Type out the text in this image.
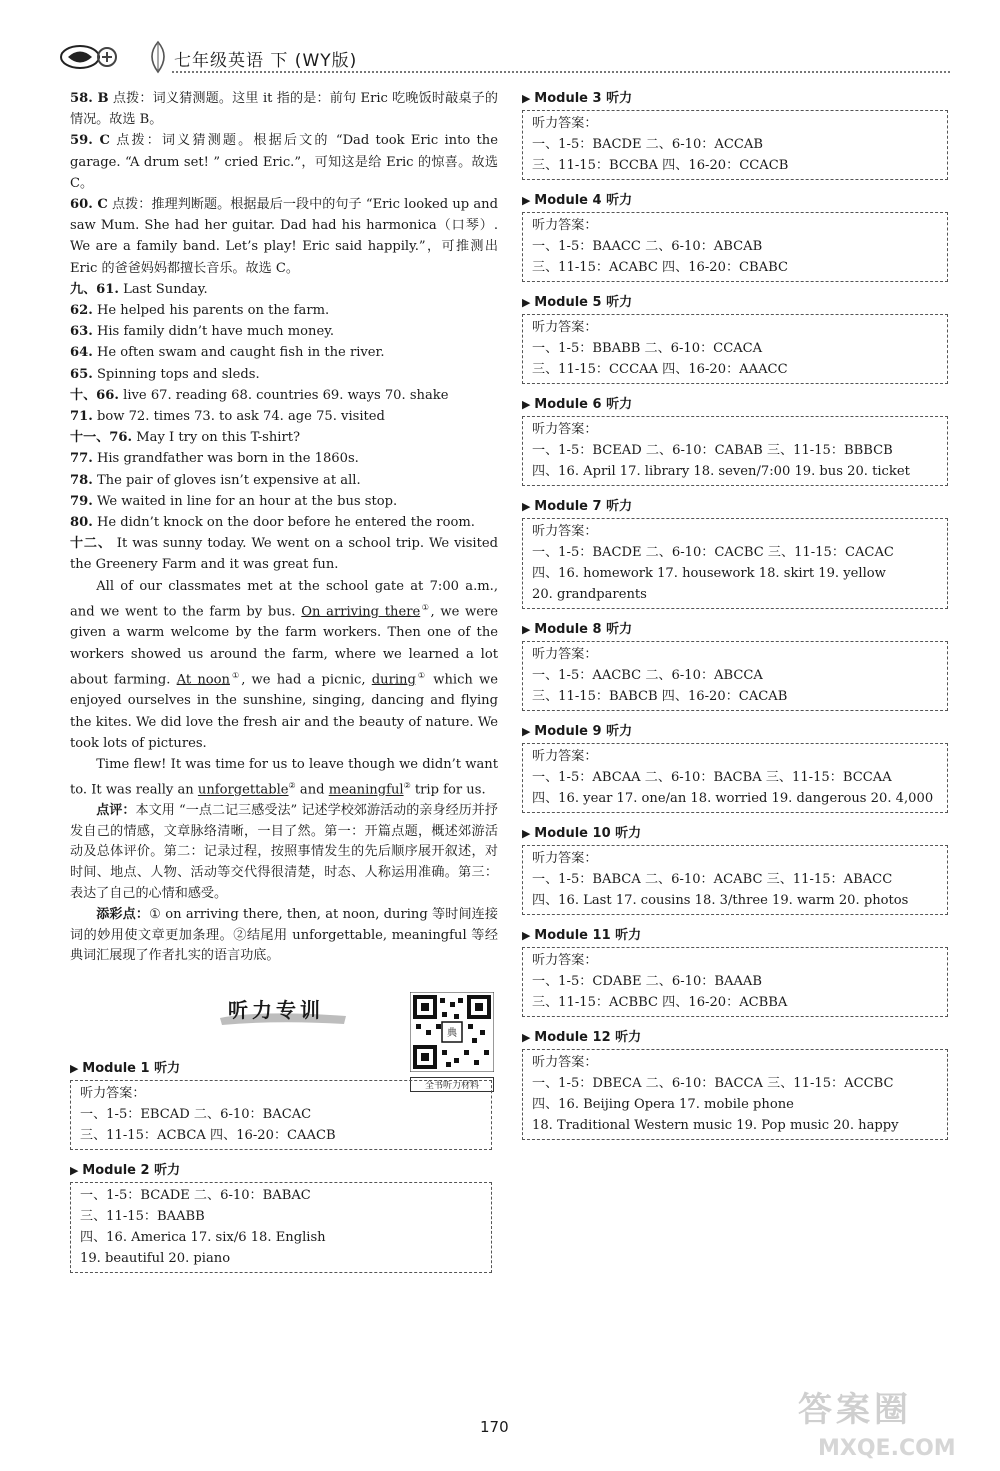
七年级英语 下 (WY版)

58. B 点拨：词义猜测题。这里 it 指的是：前句 Eric 吃晚饭时敲桌子的情况。故选 B。

59. C 点拨：词义猜测题。根据后文的 “Dad took Eric into the garage. “A drum set! ” cried Eric.”，可知这是给 Eric 的惊喜。故选 C。

60. C 点拨：推理判断题。根据最后一段中的句子 “Eric looked up and saw Mum. She had her guitar. Dad had his harmonica（口琴）. We are a family band. Let’s play! Eric said happily.”，可推测出 Eric 的爸爸妈妈都擅长音乐。故选 C。

九、61. Last Sunday.

62. He helped his parents on the farm.

63. His family didn’t have much money.

64. He often swam and caught fish in the river.

65. Spinning tops and sleds.

十、66. live 67. reading 68. countries 69. ways 70. shake

71. bow 72. times 73. to ask 74. age 75. visited

十一、76. May I try on this T-shirt?

77. His grandfather was born in the 1860s.

78. The pair of gloves isn’t expensive at all.

79. We waited in line for an hour at the bus stop.

80. He didn’t knock on the door before he entered the room.

十二、 It was sunny today. We went on a school trip. We visited the Greenery Farm and it was great fun.

All of our classmates met at the school gate at 7:00 a.m., and we went to the farm by bus. On arriving there①, we were given a warm welcome by the farm workers. Then one of the workers showed us around the farm, where we learned a lot about farming. At noon①, we had a picnic, during① which we enjoyed ourselves in the sunshine, singing, dancing and flying the kites. We did love the fresh air and the beauty of nature. We took lots of pictures.

Time flew! It was time for us to leave though we didn’t want to. It was really an unforgettable② and meaningful② trip for us.

点评：本文用 “一点二记三感受法” 记述学校郊游活动的亲身经历并抒发自己的情感，文章脉络清晰，一目了然。第一：开篇点题，概述郊游活动及总体评价。第二：记录过程，按照事情发生的先后顺序展开叙述，对时间、地点、人物、活动等交代得很清楚，时态、人称运用准确。第三：表达了自己的心情和感受。

添彩点：① on arriving there, then, at noon, during 等时间连接词的妙用使文章更加条理。②结尾用 unforgettable, meaningful 等经典词汇展现了作者扎实的语言功底。

听力专训
典
全书听力材料
▶ Module 1 听力
听力答案：
一、1-5：EBCAD 二、6-10：BACAC
三、11-15：ACBCA 四、16-20：CAACB
▶ Module 2 听力
一、1-5：BCADE 二、6-10：BABAC
三、11-15：BAABB
四、16. America 17. six/6 18. English
19. beautiful 20. piano
▶ Module 3 听力
听力答案：
一、1-5：BACDE 二、6-10：ACCAB
三、11-15：BCCBA 四、16-20：CCACB
▶ Module 4 听力
听力答案：
一、1-5：BAACC 二、6-10：ABCAB
三、11-15：ACABC 四、16-20：CBABC
▶ Module 5 听力
听力答案：
一、1-5：BBABB 二、6-10：CCACA
三、11-15：CCCAA 四、16-20：AAACC
▶ Module 6 听力
听力答案：
一、1-5：BCEAD 二、6-10：CABAB 三、11-15：BBBCB
四、16. April 17. library 18. seven/7:00 19. bus 20. ticket
▶ Module 7 听力
听力答案：
一、1-5：BACDE 二、6-10：CACBC 三、11-15：CACAC
四、16. homework 17. housework 18. skirt 19. yellow
20. grandparents
▶ Module 8 听力
听力答案：
一、1-5：AACBC 二、6-10：ABCCA
三、11-15：BABCB 四、16-20：CACAB
▶ Module 9 听力
听力答案：
一、1-5：ABCAA 二、6-10：BACBA 三、11-15：BCCAA
四、16. year 17. one/an 18. worried 19. dangerous 20. 4,000
▶ Module 10 听力
听力答案：
一、1-5：BABCA 二、6-10：ACABC 三、11-15：ABACC
四、16. Last 17. cousins 18. 3/three 19. warm 20. photos
▶ Module 11 听力
听力答案：
一、1-5：CDABE 二、6-10：BAAAB
三、11-15：ACBBC 四、16-20：ACBBA
▶ Module 12 听力
听力答案：
一、1-5：DBECA 二、6-10：BACCA 三、11-15：ACCBC
四、16. Beijing Opera 17. mobile phone
18. Traditional Western music 19. Pop music 20. happy
170	答案圈
MXQE.COM
